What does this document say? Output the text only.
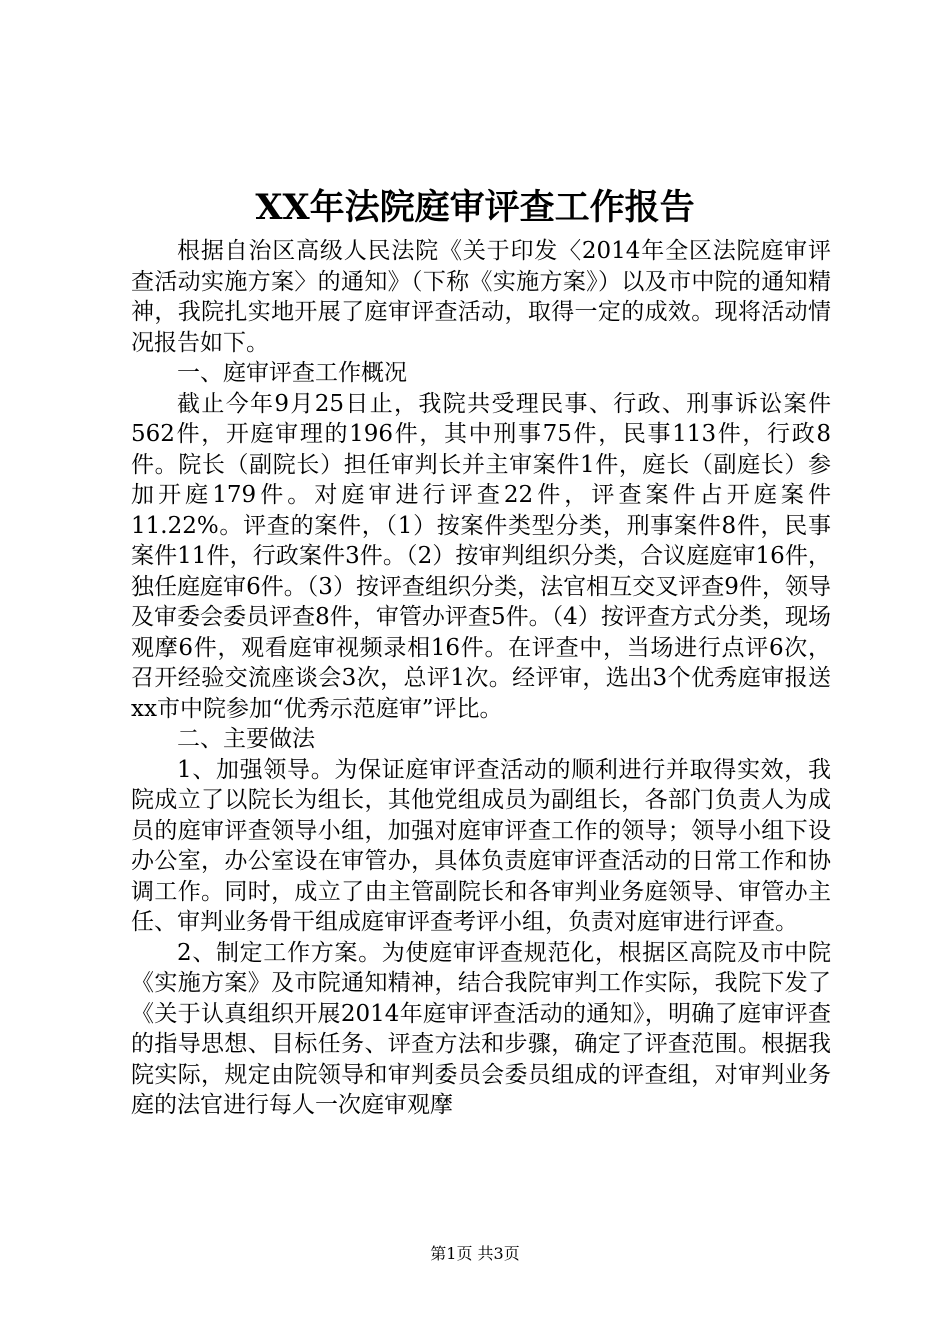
XX年法院庭审评查工作报告

根据自治区高级人民法院《关于印发〈2014年全区法院庭审评查活动实施方案〉的通知》（下称《实施方案》）以及市中院的通知精神，我院扎实地开展了庭审评查活动，取得一定的成效。现将活动情况报告如下。

一、庭审评查工作概况

截止今年9月25日止，我院共受理民事、行政、刑事诉讼案件562件，开庭审理的196件，其中刑事75件，民事113件，行政8件。院长（副院长）担任审判长并主审案件1件，庭长（副庭长）参加开庭179件。对庭审进行评查22件，评查案件占开庭案件11.22%。评查的案件，（1）按案件类型分类，刑事案件8件，民事案件11件，行政案件3件。（2）按审判组织分类，合议庭庭审16件，独任庭庭审6件。（3）按评查组织分类，法官相互交叉评查9件，领导及审委会委员评查8件，审管办评查5件。（4）按评查方式分类，现场观摩6件，观看庭审视频录相16件。在评查中，当场进行点评6次，召开经验交流座谈会3次，总评1次。经评审，选出3个优秀庭审报送xx市中院参加“优秀示范庭审”评比。

二、主要做法

1、加强领导。为保证庭审评查活动的顺利进行并取得实效，我院成立了以院长为组长，其他党组成员为副组长，各部门负责人为成员的庭审评查领导小组，加强对庭审评查工作的领导；领导小组下设办公室，办公室设在审管办，具体负责庭审评查活动的日常工作和协调工作。同时，成立了由主管副院长和各审判业务庭领导、审管办主任、审判业务骨干组成庭审评查考评小组，负责对庭审进行评查。

2、制定工作方案。为使庭审评查规范化，根据区高院及市中院《实施方案》及市院通知精神，结合我院审判工作实际，我院下发了《关于认真组织开展2014年庭审评查活动的通知》，明确了庭审评查的指导思想、目标任务、评查方法和步骤，确定了评查范围。根据我院实际，规定由院领导和审判委员会委员组成的评查组，对审判业务庭的法官进行每人一次庭审观摩

第1页 共3页
